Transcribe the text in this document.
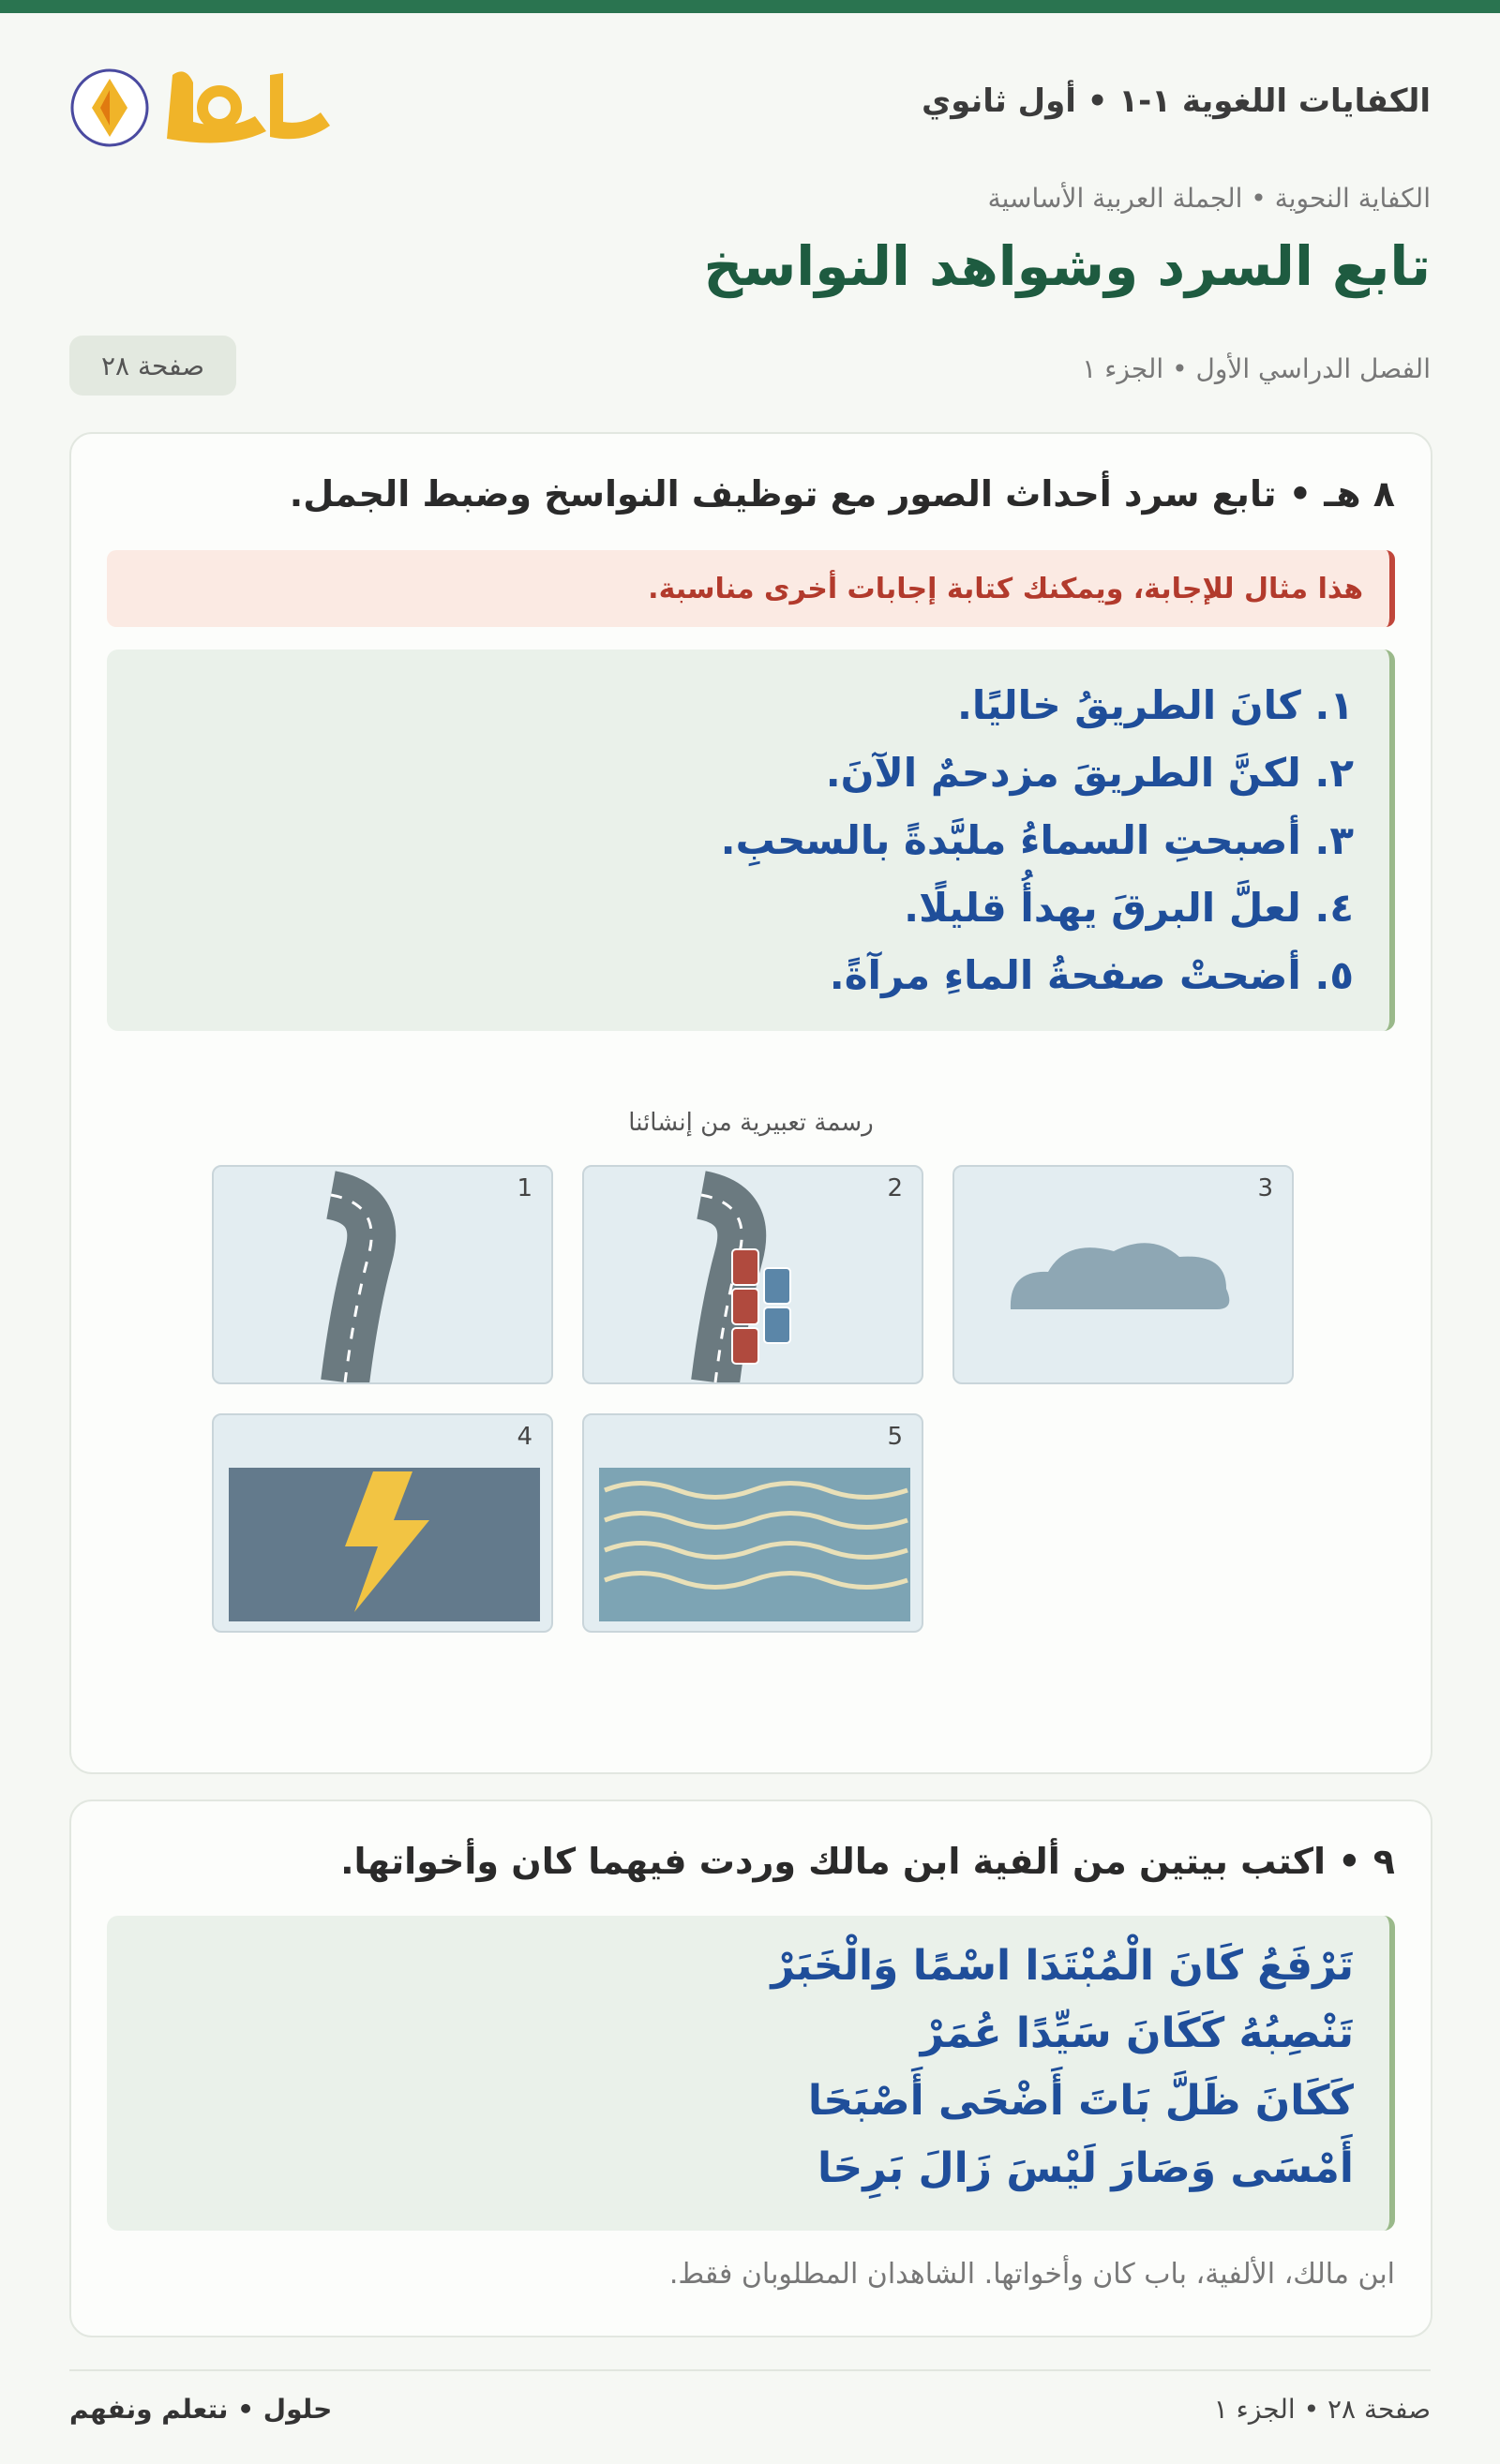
الكفايات اللغوية ١-١ • أول ثانوي
الكفاية النحوية • الجملة العربية الأساسية
تابع السرد وشواهد النواسخ
الفصل الدراسي الأول • الجزء ١
صفحة ٢٨
٨ هـ • تابع سرد أحداث الصور مع توظيف النواسخ وضبط الجمل.
هذا مثال للإجابة، ويمكنك كتابة إجابات أخرى مناسبة.
١. كانَ الطريقُ خاليًا.
٢. لكنَّ الطريقَ مزدحمٌ الآنَ.
٣. أصبحتِ السماءُ ملبَّدةً بالسحبِ.
٤. لعلَّ البرقَ يهدأُ قليلًا.
٥. أضحتْ صفحةُ الماءِ مرآةً.
رسمة تعبيرية من إنشائنا
1	2	3
4	5
٩ • اكتب بيتين من ألفية ابن مالك وردت فيهما كان وأخواتها.
تَرْفَعُ كَانَ الْمُبْتَدَا اسْمًا وَالْخَبَرْ
تَنْصِبُهُ كَكَانَ سَيِّدًا عُمَرْ
كَكَانَ ظَلَّ بَاتَ أَضْحَى أَصْبَحَا
أَمْسَى وَصَارَ لَيْسَ زَالَ بَرِحَا
ابن مالك، الألفية، باب كان وأخواتها. الشاهدان المطلوبان فقط.
حلول • نتعلم ونفهم	صفحة ٢٨ • الجزء ١
